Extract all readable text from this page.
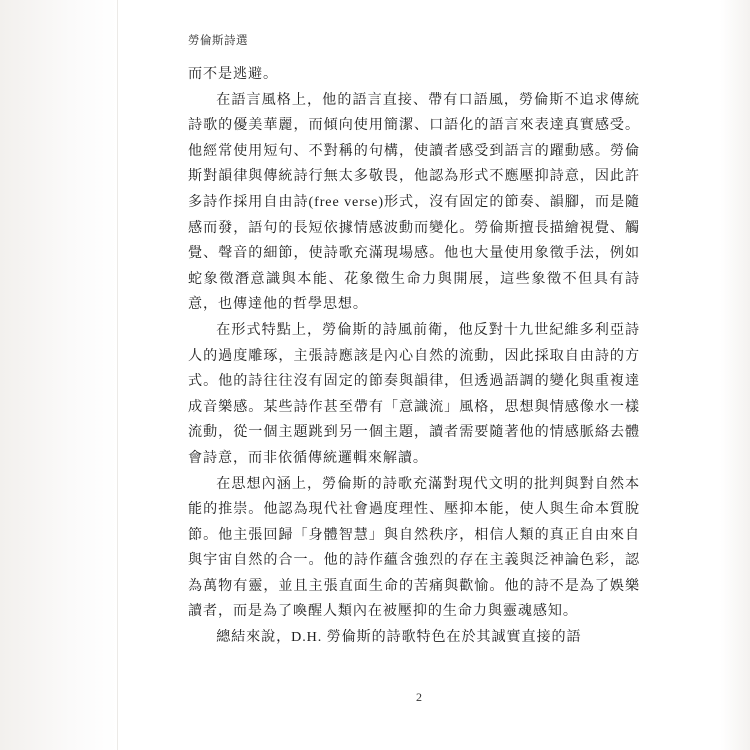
勞倫斯詩選

而不是逃避。

在語言風格上，他的語言直接、帶有口語風，勞倫斯不追求傳統詩歌的優美華麗，而傾向使用簡潔、口語化的語言來表達真實感受。他經常使用短句、不對稱的句構，使讀者感受到語言的躍動感。勞倫斯對韻律與傳統詩行無太多敬畏，他認為形式不應壓抑詩意，因此許多詩作採用自由詩(free verse)形式，沒有固定的節奏、韻腳，而是隨感而發，語句的長短依據情感波動而變化。勞倫斯擅長描繪視覺、觸覺、聲音的細節，使詩歌充滿現場感。他也大量使用象徵手法，例如蛇象徵潛意識與本能、花象徵生命力與開展，這些象徵不但具有詩意，也傳達他的哲學思想。

在形式特點上，勞倫斯的詩風前衛，他反對十九世紀維多利亞詩人的過度雕琢，主張詩應該是內心自然的流動，因此採取自由詩的方式。他的詩往往沒有固定的節奏與韻律，但透過語調的變化與重複達成音樂感。某些詩作甚至帶有「意識流」風格，思想與情感像水一樣流動，從一個主題跳到另一個主題，讀者需要隨著他的情感脈絡去體會詩意，而非依循傳統邏輯來解讀。

在思想內涵上，勞倫斯的詩歌充滿對現代文明的批判與對自然本能的推崇。他認為現代社會過度理性、壓抑本能，使人與生命本質脫節。他主張回歸「身體智慧」與自然秩序，相信人類的真正自由來自與宇宙自然的合一。他的詩作蘊含強烈的存在主義與泛神論色彩，認為萬物有靈，並且主張直面生命的苦痛與歡愉。他的詩不是為了娛樂讀者，而是為了喚醒人類內在被壓抑的生命力與靈魂感知。

總結來說，D.H. 勞倫斯的詩歌特色在於其誠實直接的語

2
